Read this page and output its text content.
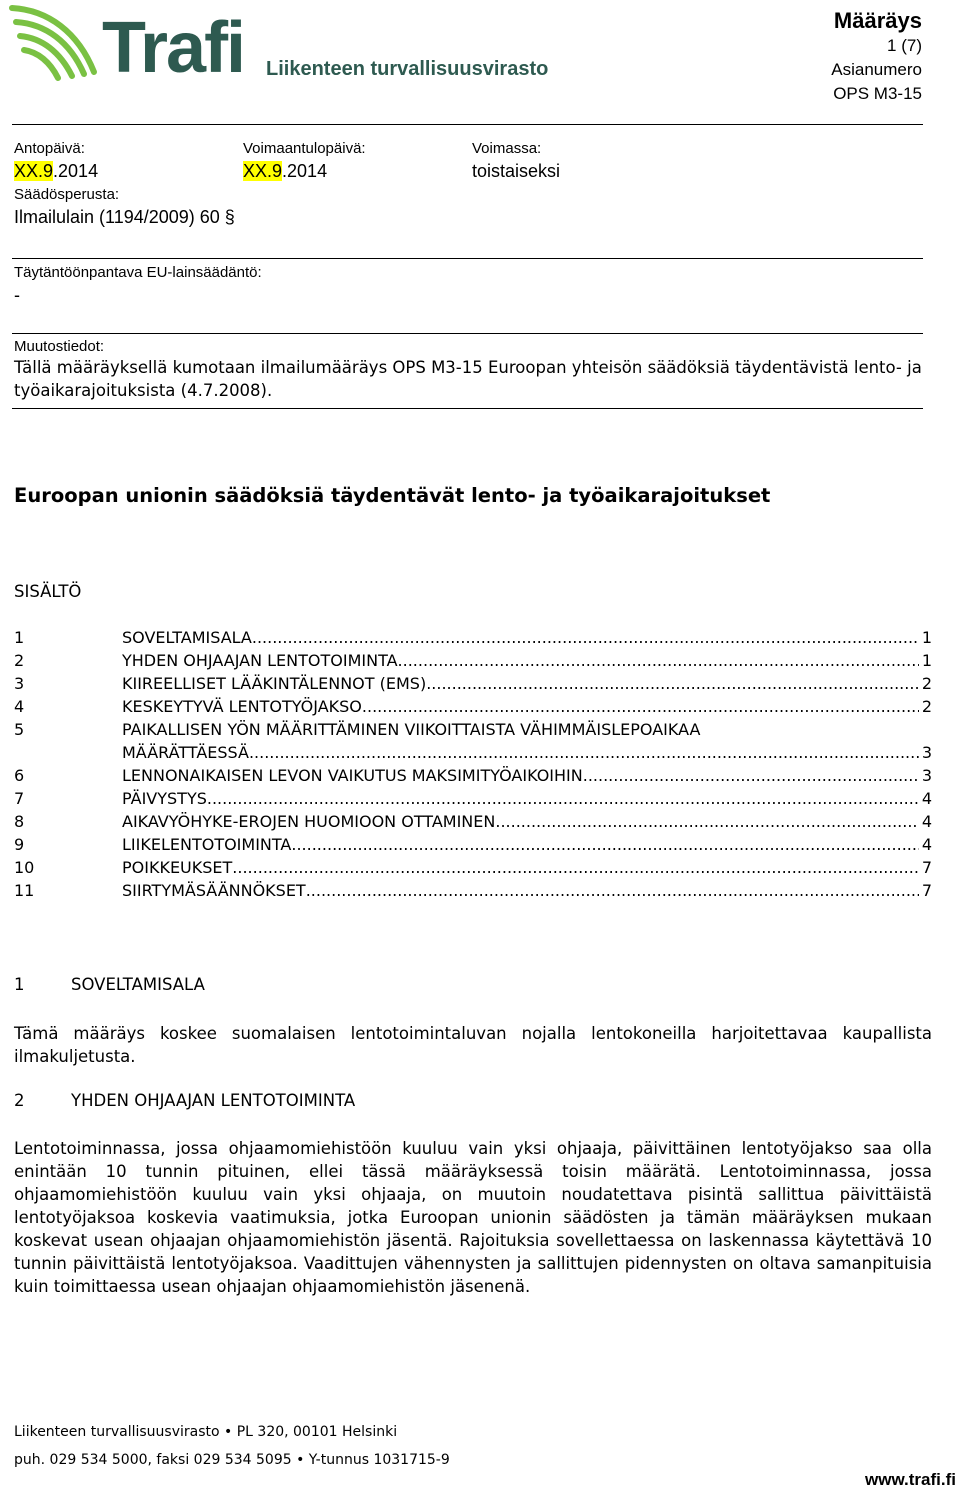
Trafi Liikenteen turvallisuusvirasto
Määräys
1 (7)
Asianumero
OPS M3-15
Antopäivä:
XX.9.2014
Voimaantulopäivä:
XX.9.2014
Voimassa:
toistaiseksi
Säädösperusta:
Ilmailulain (1194/2009) 60 §
Täytäntöönpantava EU-lainsäädäntö:
-
Muutostiedot:
Tällä määräyksellä kumotaan ilmailumääräys OPS M3-15 Euroopan yhteisön säädöksiä täydentävistä lento- ja työaikarajoituksista (4.7.2008).
Euroopan unionin säädöksiä täydentävät lento- ja työaikarajoitukset
SISÄLTÖ
1	SOVELTAMISALA .....	1
2	YHDEN OHJAAJAN LENTOTOIMINTA .....	1
3	KIIREELLISET LÄÄKINTÄLENNOT (EMS) .....	2
4	KESKEYTYVÄ LENTOTYÖJAKSO .....	2
5	PAIKALLISEN YÖN MÄÄRITTÄMINEN VIIKOITTAISTA VÄHIMMÄISLEPOAIKAA
MÄÄRÄTTÄESSÄ .....	3
6	LENNONAIKAISEN LEVON VAIKUTUS MAKSIMITYÖAIKOIHIN .....	3
7	PÄIVYSTYS .....	4
8	AIKAVYÖHYKE-EROJEN HUOMIOON OTTAMINEN .....	4
9	LIIKELENTOTOIMINTA .....	4
10	POIKKEUKSET .....	7
11	SIIRTYMÄSÄÄNNÖKSET .....	7
1	SOVELTAMISALA
Tämä määräys koskee suomalaisen lentotoimintaluvan nojalla lentokoneilla harjoitettavaa kaupallista ilmakuljetusta.
2	YHDEN OHJAAJAN LENTOTOIMINTA
Lentotoiminnassa, jossa ohjaamomiehistöön kuuluu vain yksi ohjaaja, päivittäinen lentotyöjakso saa olla enintään 10 tunnin pituinen, ellei tässä määräyksessä toisin määrätä. Lentotoiminnassa, jossa ohjaamomiehistöön kuuluu vain yksi ohjaaja, on muutoin noudatettava pisintä sallittua päivittäistä lentotyöjaksoa koskevia vaatimuksia, jotka Euroopan unionin säädösten ja tämän määräyksen mukaan koskevat usean ohjaajan ohjaamomiehistön jäsentä. Rajoituksia sovellettaessa on laskennassa käytettävä 10 tunnin päivittäistä lentotyöjaksoa. Vaadittujen vähennysten ja sallittujen pidennysten on oltava samanpituisia kuin toimittaessa usean ohjaajan ohjaamomiehistön jäsenenä.
Liikenteen turvallisuusvirasto • PL 320, 00101 Helsinki
puh. 029 534 5000, faksi 029 534 5095 • Y-tunnus 1031715-9
www.trafi.fi
